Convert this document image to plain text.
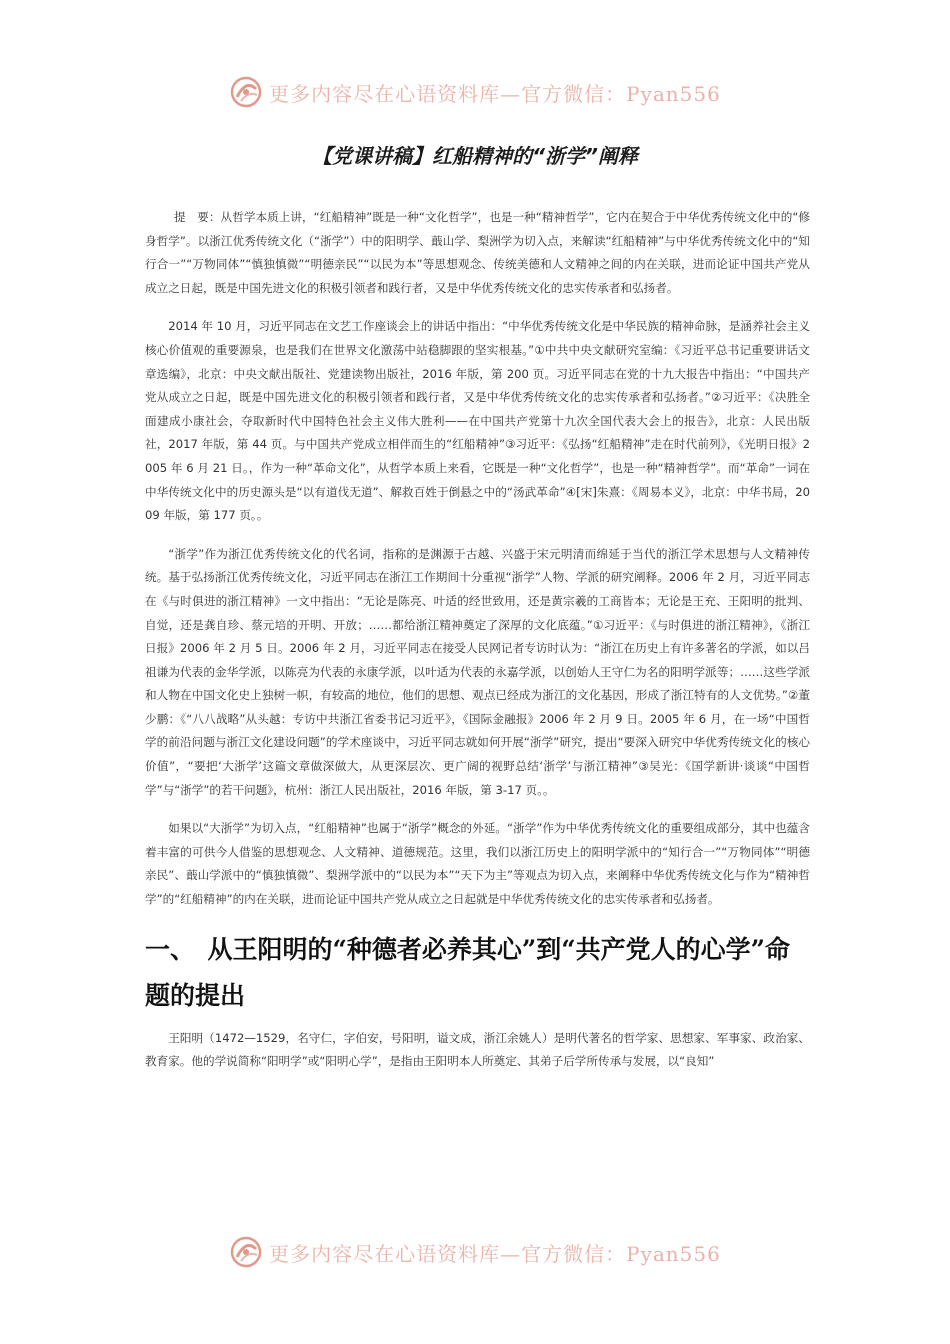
更多内容尽在心语资料库—官方微信：Pyan556
【党课讲稿】红船精神的“浙学”阐释

提　要：从哲学本质上讲，“红船精神”既是一种“文化哲学”，也是一种“精神哲学”，它内在契合于中华优秀传统文化中的“修身哲学”。以浙江优秀传统文化（“浙学”）中的阳明学、蕺山学、梨洲学为切入点，来解读“红船精神”与中华优秀传统文化中的“知行合一”“万物同体”“慎独慎微”“明德亲民”“以民为本”等思想观念、传统美德和人文精神之间的内在关联，进而论证中国共产党从成立之日起，既是中国先进文化的积极引领者和践行者，又是中华优秀传统文化的忠实传承者和弘扬者。

2014 年 10 月，习近平同志在文艺工作座谈会上的讲话中指出：“中华优秀传统文化是中华民族的精神命脉，是涵养社会主义核心价值观的重要源泉，也是我们在世界文化激荡中站稳脚跟的坚实根基。”①中共中央文献研究室编：《习近平总书记重要讲话文章选编》，北京：中央文献出版社、党建读物出版社，2016 年版，第 200 页。习近平同志在党的十九大报告中指出：“中国共产党从成立之日起，既是中国先进文化的积极引领者和践行者，又是中华优秀传统文化的忠实传承者和弘扬者。”②习近平：《决胜全面建成小康社会，夺取新时代中国特色社会主义伟大胜利——在中国共产党第十九次全国代表大会上的报告》，北京：人民出版社，2017 年版，第 44 页。与中国共产党成立相伴而生的“红船精神”③习近平：《弘扬“红船精神”走在时代前列》，《光明日报》2005 年 6 月 21 日。，作为一种“革命文化”，从哲学本质上来看，它既是一种“文化哲学”，也是一种“精神哲学”。而“革命”一词在中华传统文化中的历史源头是“以有道伐无道”、解救百姓于倒悬之中的“汤武革命”④[宋]朱熹：《周易本义》，北京：中华书局，2009 年版，第 177 页。。

“浙学”作为浙江优秀传统文化的代名词，指称的是渊源于古越、兴盛于宋元明清而绵延于当代的浙江学术思想与人文精神传统。基于弘扬浙江优秀传统文化，习近平同志在浙江工作期间十分重视“浙学”人物、学派的研究阐释。2006 年 2 月，习近平同志在《与时俱进的浙江精神》一文中指出：“无论是陈亮、叶适的经世致用，还是黄宗羲的工商皆本；无论是王充、王阳明的批判、自觉，还是龚自珍、蔡元培的开明、开放；……都给浙江精神奠定了深厚的文化底蕴。”①习近平：《与时俱进的浙江精神》，《浙江日报》2006 年 2 月 5 日。2006 年 2 月，习近平同志在接受人民网记者专访时认为：“浙江在历史上有许多著名的学派，如以吕祖谦为代表的金华学派，以陈亮为代表的永康学派，以叶适为代表的永嘉学派，以创始人王守仁为名的阳明学派等；……这些学派和人物在中国文化史上独树一帜，有较高的地位，他们的思想、观点已经成为浙江的文化基因，形成了浙江特有的人文优势。”②董少鹏：《“八八战略”从头越：专访中共浙江省委书记习近平》，《国际金融报》2006 年 2 月 9 日。2005 年 6 月，在一场“中国哲学的前沿问题与浙江文化建设问题”的学术座谈中，习近平同志就如何开展“浙学”研究，提出“要深入研究中华优秀传统文化的核心价值”，“要把‘大浙学’这篇文章做深做大，从更深层次、更广阔的视野总结‘浙学’与浙江精神”③吴光：《国学新讲·谈谈“中国哲学”与“浙学”的若干问题》，杭州：浙江人民出版社，2016 年版，第 3-17 页。。

如果以“大浙学”为切入点，“红船精神”也属于“浙学”概念的外延。“浙学”作为中华优秀传统文化的重要组成部分，其中也蕴含着丰富的可供今人借鉴的思想观念、人文精神、道德规范。这里，我们以浙江历史上的阳明学派中的“知行合一”“万物同体”“明德亲民”、蕺山学派中的“慎独慎微”、梨洲学派中的“以民为本”“天下为主”等观点为切入点，来阐释中华优秀传统文化与作为“精神哲学”的“红船精神”的内在关联，进而论证中国共产党从成立之日起就是中华优秀传统文化的忠实传承者和弘扬者。

一、　从王阳明的“种德者必养其心”到“共产党人的心学”命题的提出

王阳明（1472—1529，名守仁，字伯安，号阳明，谥文成，浙江余姚人）是明代著名的哲学家、思想家、军事家、政治家、教育家。他的学说简称“阳明学”或“阳明心学”，是指由王阳明本人所奠定、其弟子后学所传承与发展，以“良知”

更多内容尽在心语资料库—官方微信：Pyan556
